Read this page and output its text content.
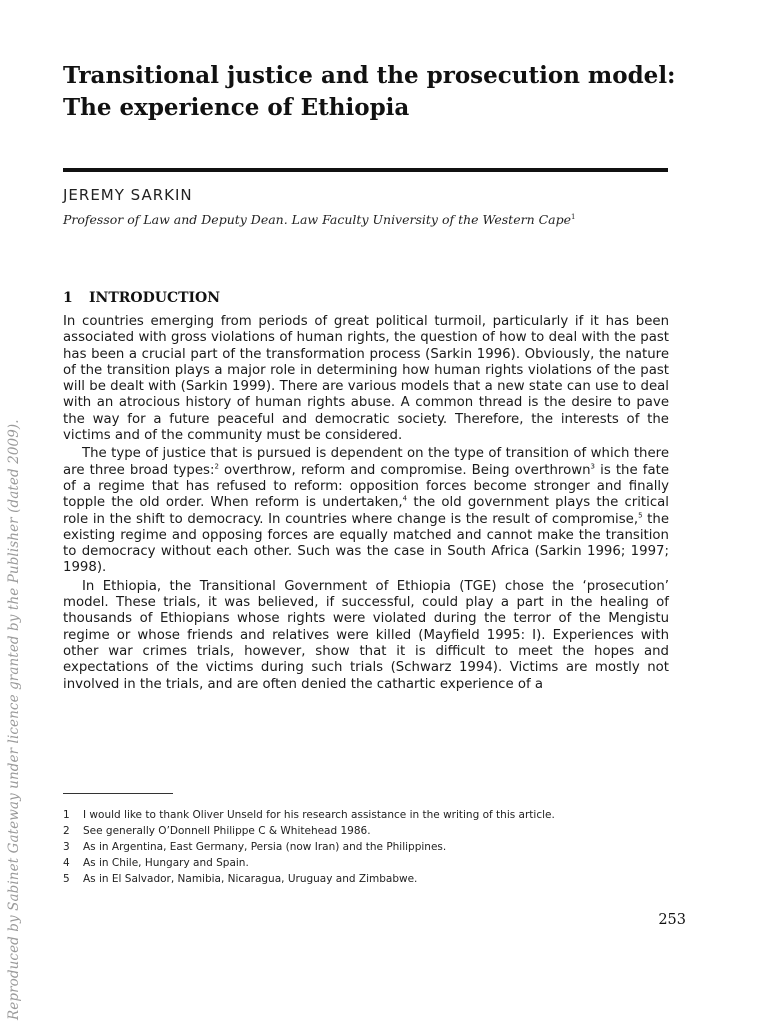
Reproduced by Sabinet Gateway under licence granted by the Publisher (dated 2009).
Transitional justice and the prosecution model: The experience of Ethiopia

JEREMY SARKIN

Professor of Law and Deputy Dean. Law Faculty University of the Western Cape$^1$

1 INTRODUCTION

In countries emerging from periods of great political turmoil, particularly if it has been associated with gross violations of human rights, the question of how to deal with the past has been a crucial part of the transformation process (Sarkin 1996). Obviously, the nature of the transition plays a major role in determining how human rights violations of the past will be dealt with (Sarkin 1999). There are various models that a new state can use to deal with an atrocious history of human rights abuse. A common thread is the desire to pave the way for a future peaceful and democratic society. Therefore, the interests of the victims and of the community must be considered.

The type of justice that is pursued is dependent on the type of transition of which there are three broad types:$^2$ overthrow, reform and compromise. Being overthrown$^3$ is the fate of a regime that has refused to reform: opposition forces become stronger and finally topple the old order. When reform is undertaken,$^4$ the old government plays the critical role in the shift to democracy. In countries where change is the result of compromise,$^5$ the existing regime and opposing forces are equally matched and cannot make the transition to democracy without each other. Such was the case in South Africa (Sarkin 1996; 1997; 1998).

In Ethiopia, the Transitional Government of Ethiopia (TGE) chose the ‘prosecution’ model. These trials, it was believed, if successful, could play a part in the healing of thousands of Ethiopians whose rights were violated during the terror of the Mengistu regime or whose friends and relatives were killed (Mayfield 1995: I). Experiences with other war crimes trials, however, show that it is difficult to meet the hopes and expectations of the victims during such trials (Schwarz 1994). Victims are mostly not involved in the trials, and are often denied the cathartic experience of a

1 I would like to thank Oliver Unseld for his research assistance in the writing of this article.
2 See generally O’Donnell Philippe C & Whitehead 1986.
3 As in Argentina, East Germany, Persia (now Iran) and the Philippines.
4 As in Chile, Hungary and Spain.
5 As in El Salvador, Namibia, Nicaragua, Uruguay and Zimbabwe.
253
